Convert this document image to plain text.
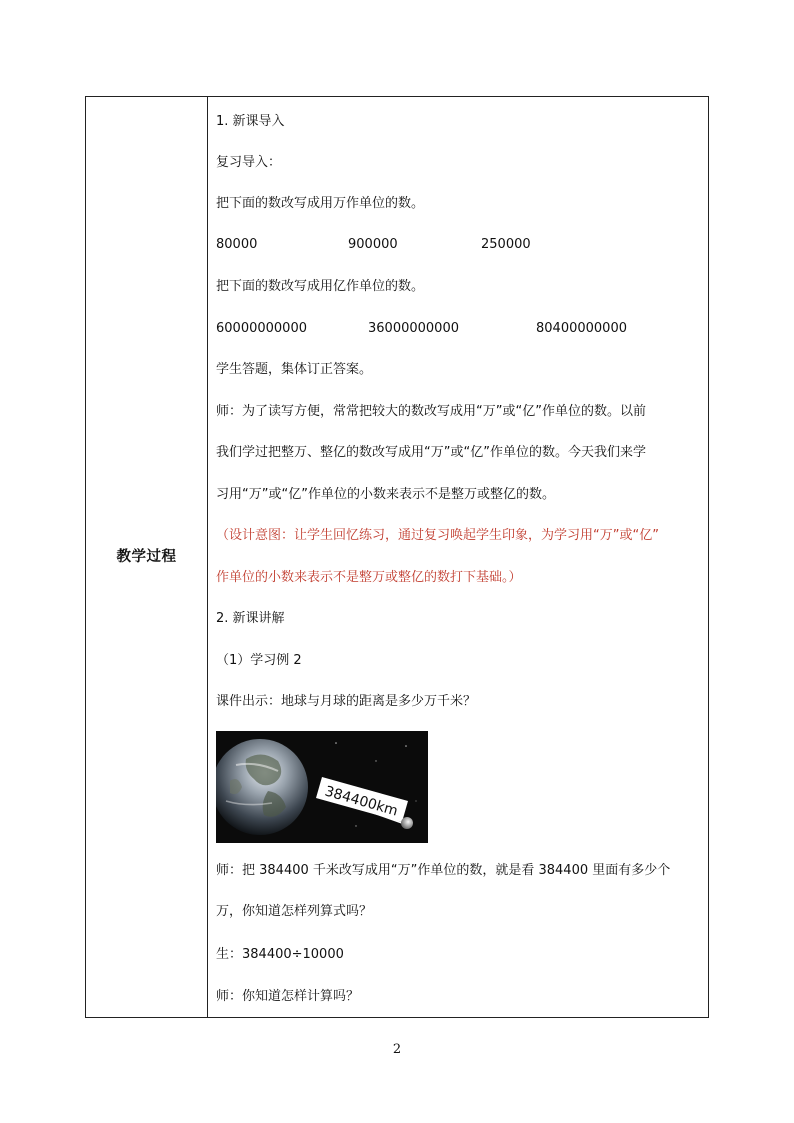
教学过程
1. 新课导入
复习导入：
把下面的数改写成用万作单位的数。
80000	900000	250000
把下面的数改写成用亿作单位的数。
60000000000	36000000000	80400000000
学生答题，集体订正答案。
师：为了读写方便，常常把较大的数改写成用“万”或“亿”作单位的数。以前
我们学过把整万、整亿的数改写成用“万”或“亿”作单位的数。今天我们来学
习用“万”或“亿”作单位的小数来表示不是整万或整亿的数。
（设计意图：让学生回忆练习，通过复习唤起学生印象，为学习用“万”或“亿”
作单位的小数来表示不是整万或整亿的数打下基础。）
2. 新课讲解
（1）学习例 2
课件出示：地球与月球的距离是多少万千米？
384400km
师：把 384400 千米改写成用“万”作单位的数，就是看 384400 里面有多少个
万，你知道怎样列算式吗？
生：384400÷10000
师：你知道怎样计算吗？
2
